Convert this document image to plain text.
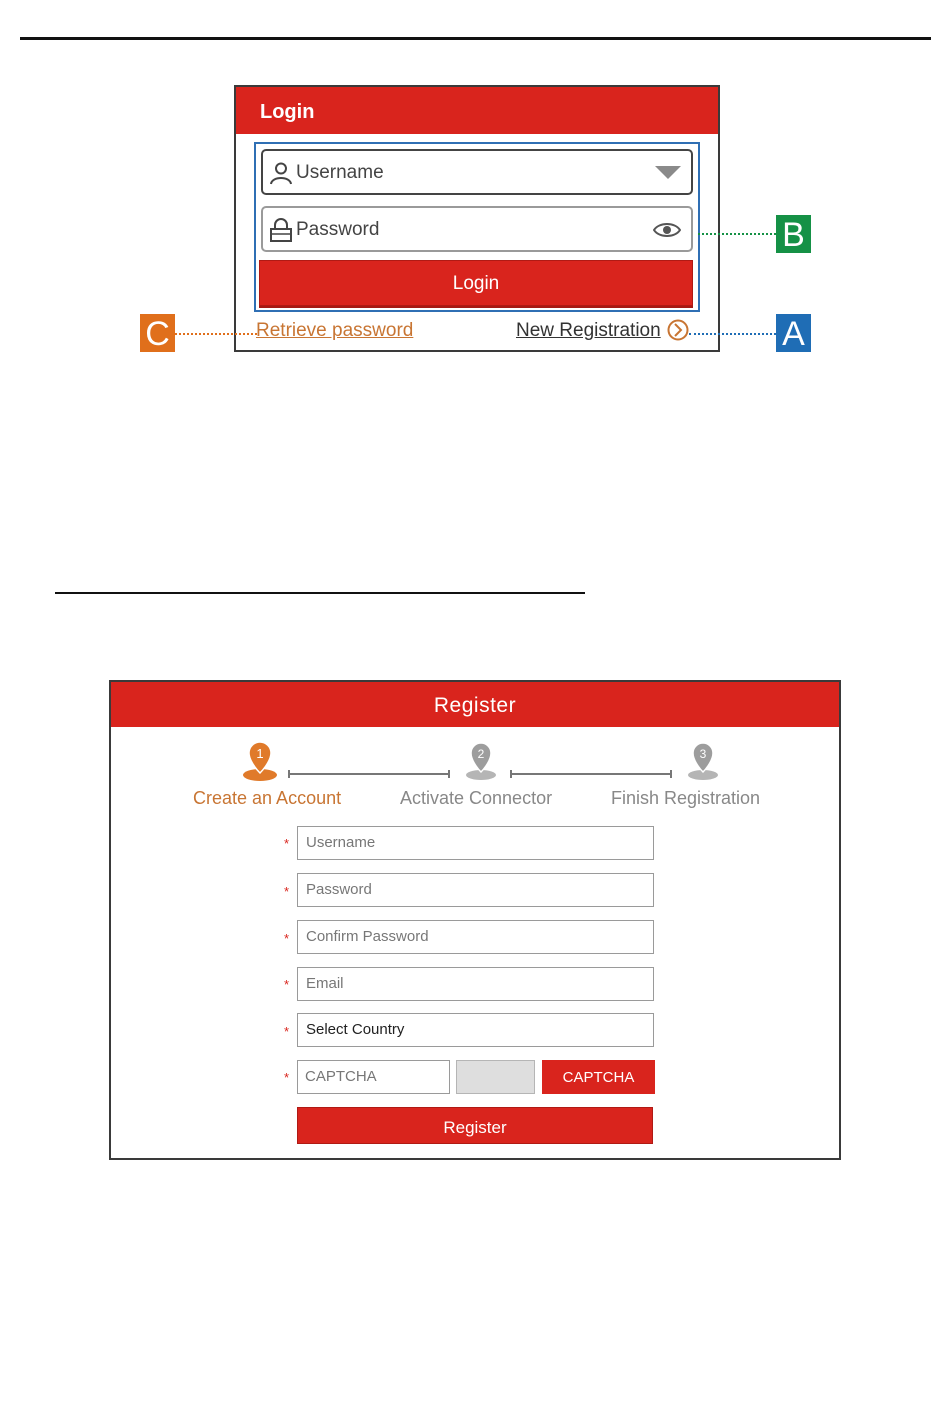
Login
Username
Password
Login
Retrieve password	New Registration
B
A
C
Register
1	2	3
Create an Account	Activate Connector	Finish Registration
*	Username
*	Password
*	Confirm Password
*	Email
*	Select Country
*	CAPTCHA	CAPTCHA
Register
